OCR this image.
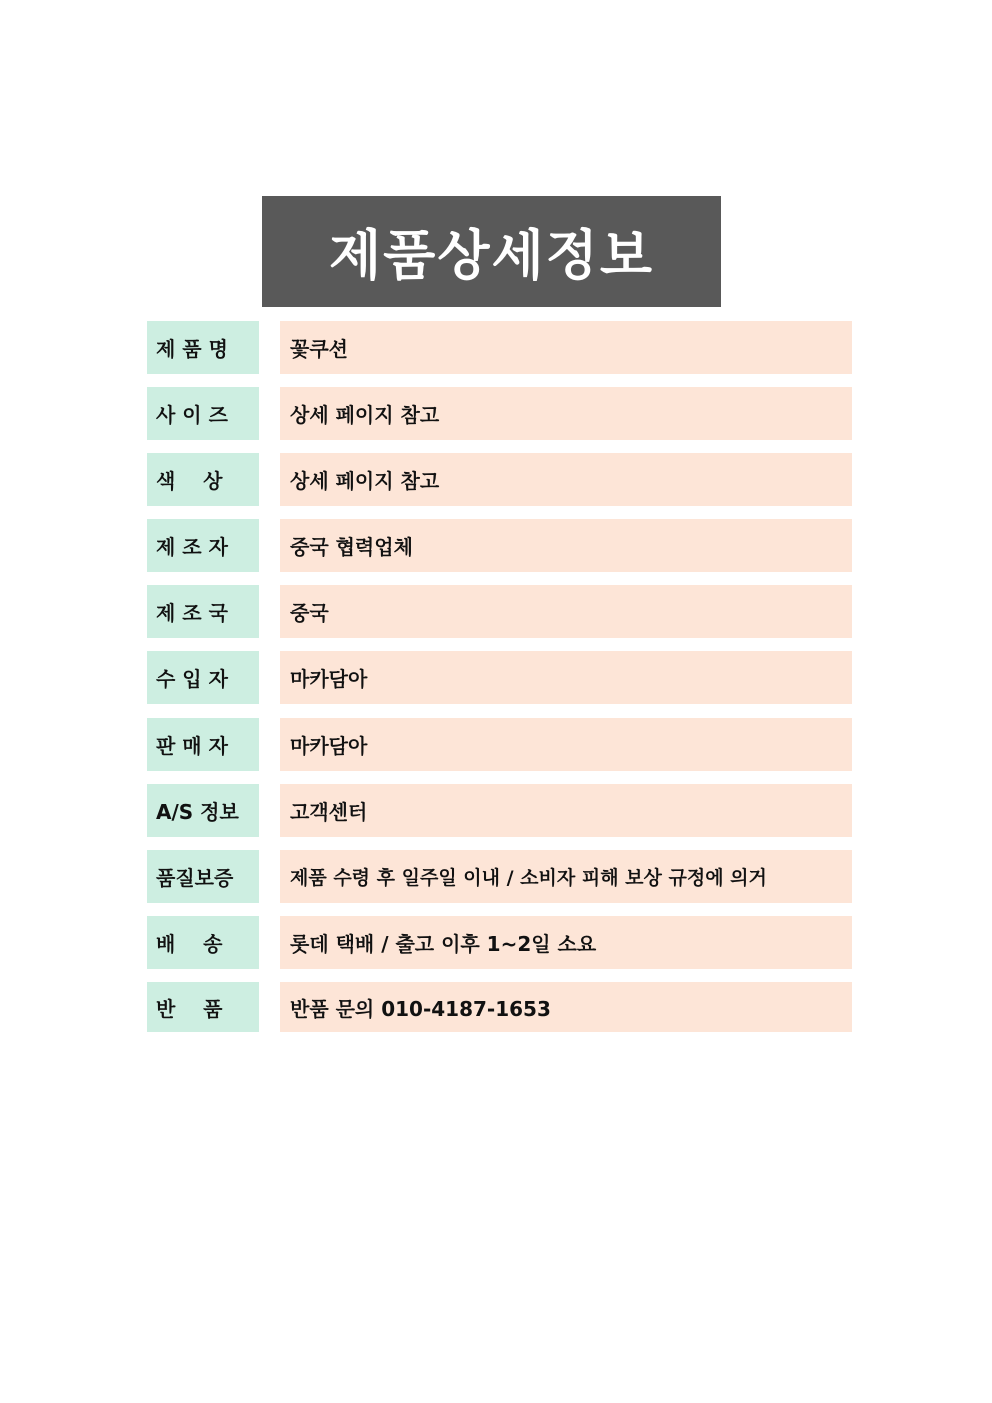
제품상세정보
제 품 명	꽃쿠션
사 이 즈	상세 페이지 참고
색    상	상세 페이지 참고
제 조 자	중국 협력업체
제 조 국	중국
수 입 자	마카담아
판 매 자	마카담아
A/S 정보	고객센터
품질보증	제품 수령 후 일주일 이내 / 소비자 피해 보상 규정에 의거
배    송	롯데 택배 / 출고 이후 1~2일 소요
반    품	반품 문의 010-4187-1653
